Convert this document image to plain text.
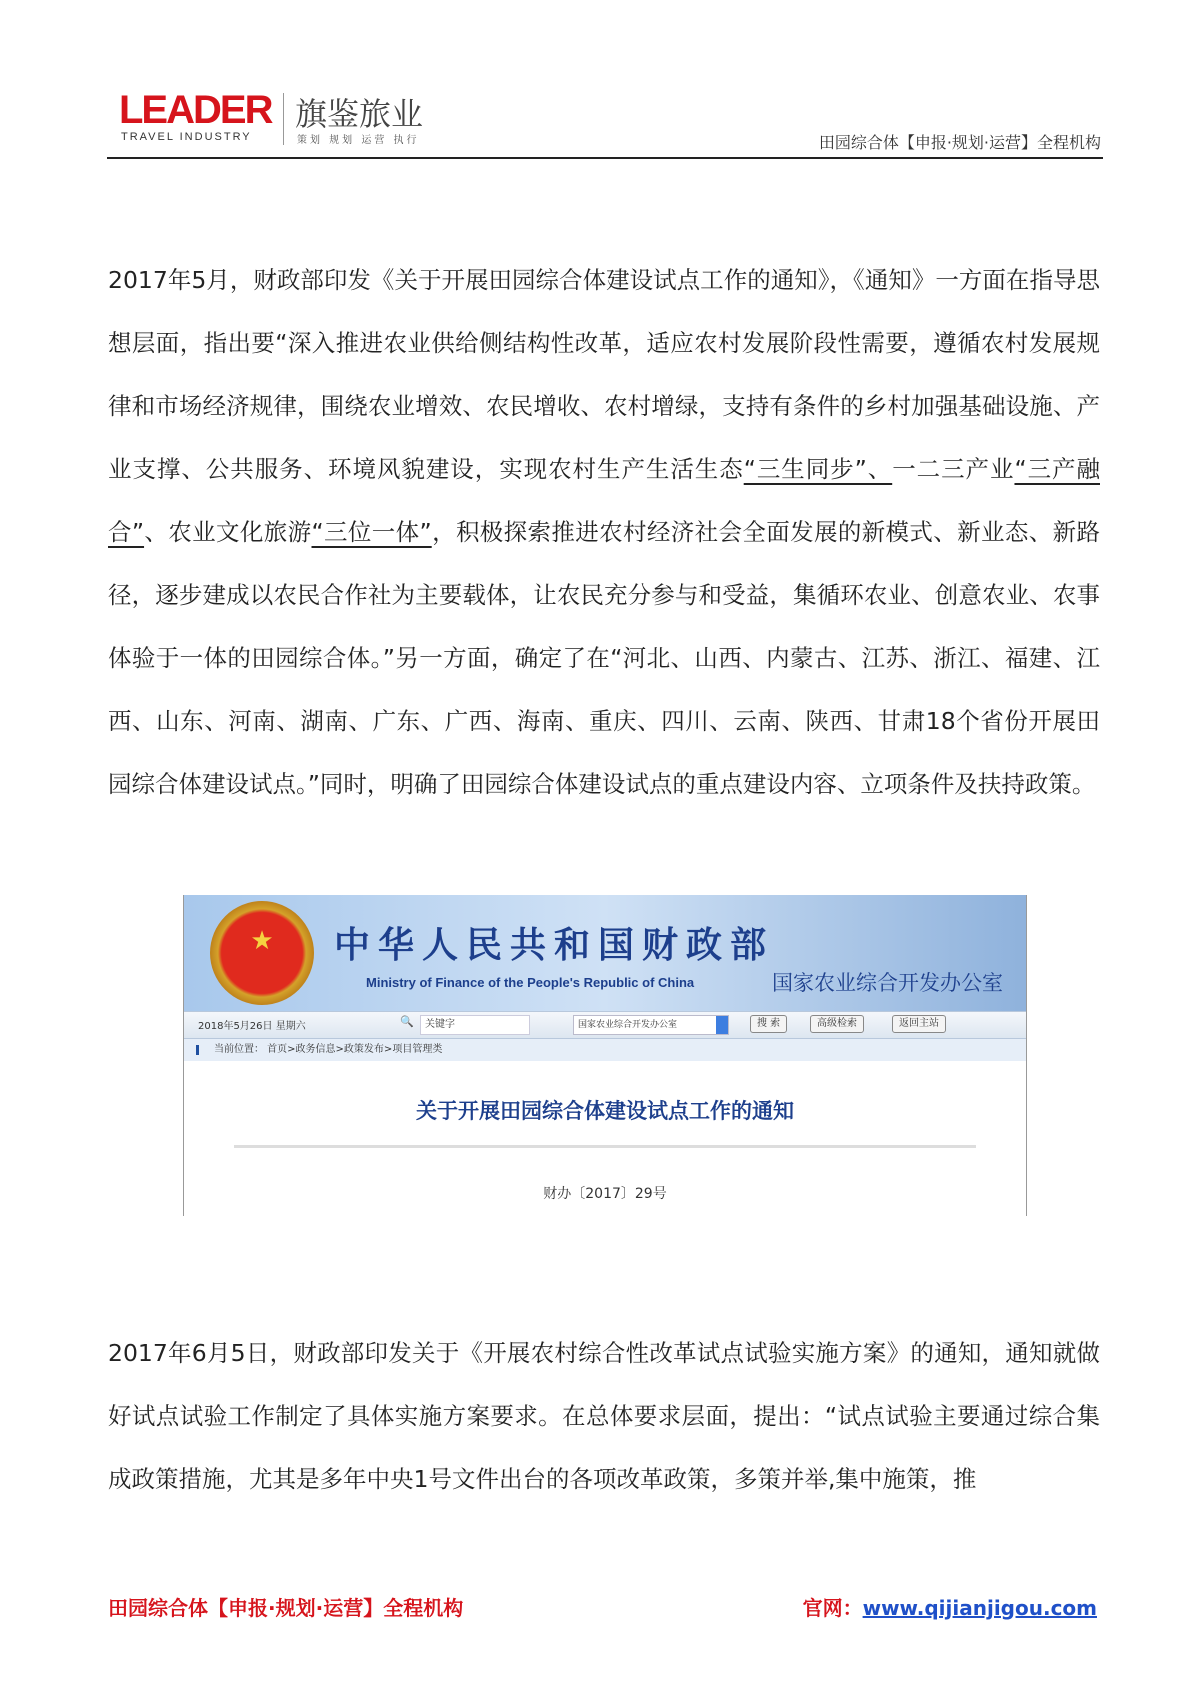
LEADER
TRAVEL INDUSTRY
旗鉴旅业
策划 规划 运营 执行	田园综合体【申报·规划·运营】全程机构
2017年5月，财政部印发《关于开展田园综合体建设试点工作的通知》，《通知》一方面在指导思想层面，指出要“深入推进农业供给侧结构性改革，适应农村发展阶段性需要，遵循农村发展规律和市场经济规律，围绕农业增效、农民增收、农村增绿，支持有条件的乡村加强基础设施、产业支撑、公共服务、环境风貌建设，实现农村生产生活生态“三生同步”、一二三产业“三产融合”、农业文化旅游“三位一体”，积极探索推进农村经济社会全面发展的新模式、新业态、新路径，逐步建成以农民合作社为主要载体，让农民充分参与和受益，集循环农业、创意农业、农事体验于一体的田园综合体。”另一方面，确定了在“河北、山西、内蒙古、江苏、浙江、福建、江西、山东、河南、湖南、广东、广西、海南、重庆、四川、云南、陕西、甘肃18个省份开展田园综合体建设试点。”同时，明确了田园综合体建设试点的重点建设内容、立项条件及扶持政策。
★	中华人民共和国财政部
Ministry of Finance of the People's Republic of China	国家农业综合开发办公室
2018年5月26日 星期六	🔍	关键字	国家农业综合开发办公室	搜 索	高级检索	返回主站
当前位置： 首页>政务信息>政策发布>项目管理类
关于开展田园综合体建设试点工作的通知
财办〔2017〕29号
2017年6月5日，财政部印发关于《开展农村综合性改革试点试验实施方案》的通知，通知就做好试点试验工作制定了具体实施方案要求。在总体要求层面，提出：“试点试验主要通过综合集成政策措施，尤其是多年中央1号文件出台的各项改革政策，多策并举,集中施策，推
田园综合体【申报·规划·运营】全程机构	官网：www.qijianjigou.com
